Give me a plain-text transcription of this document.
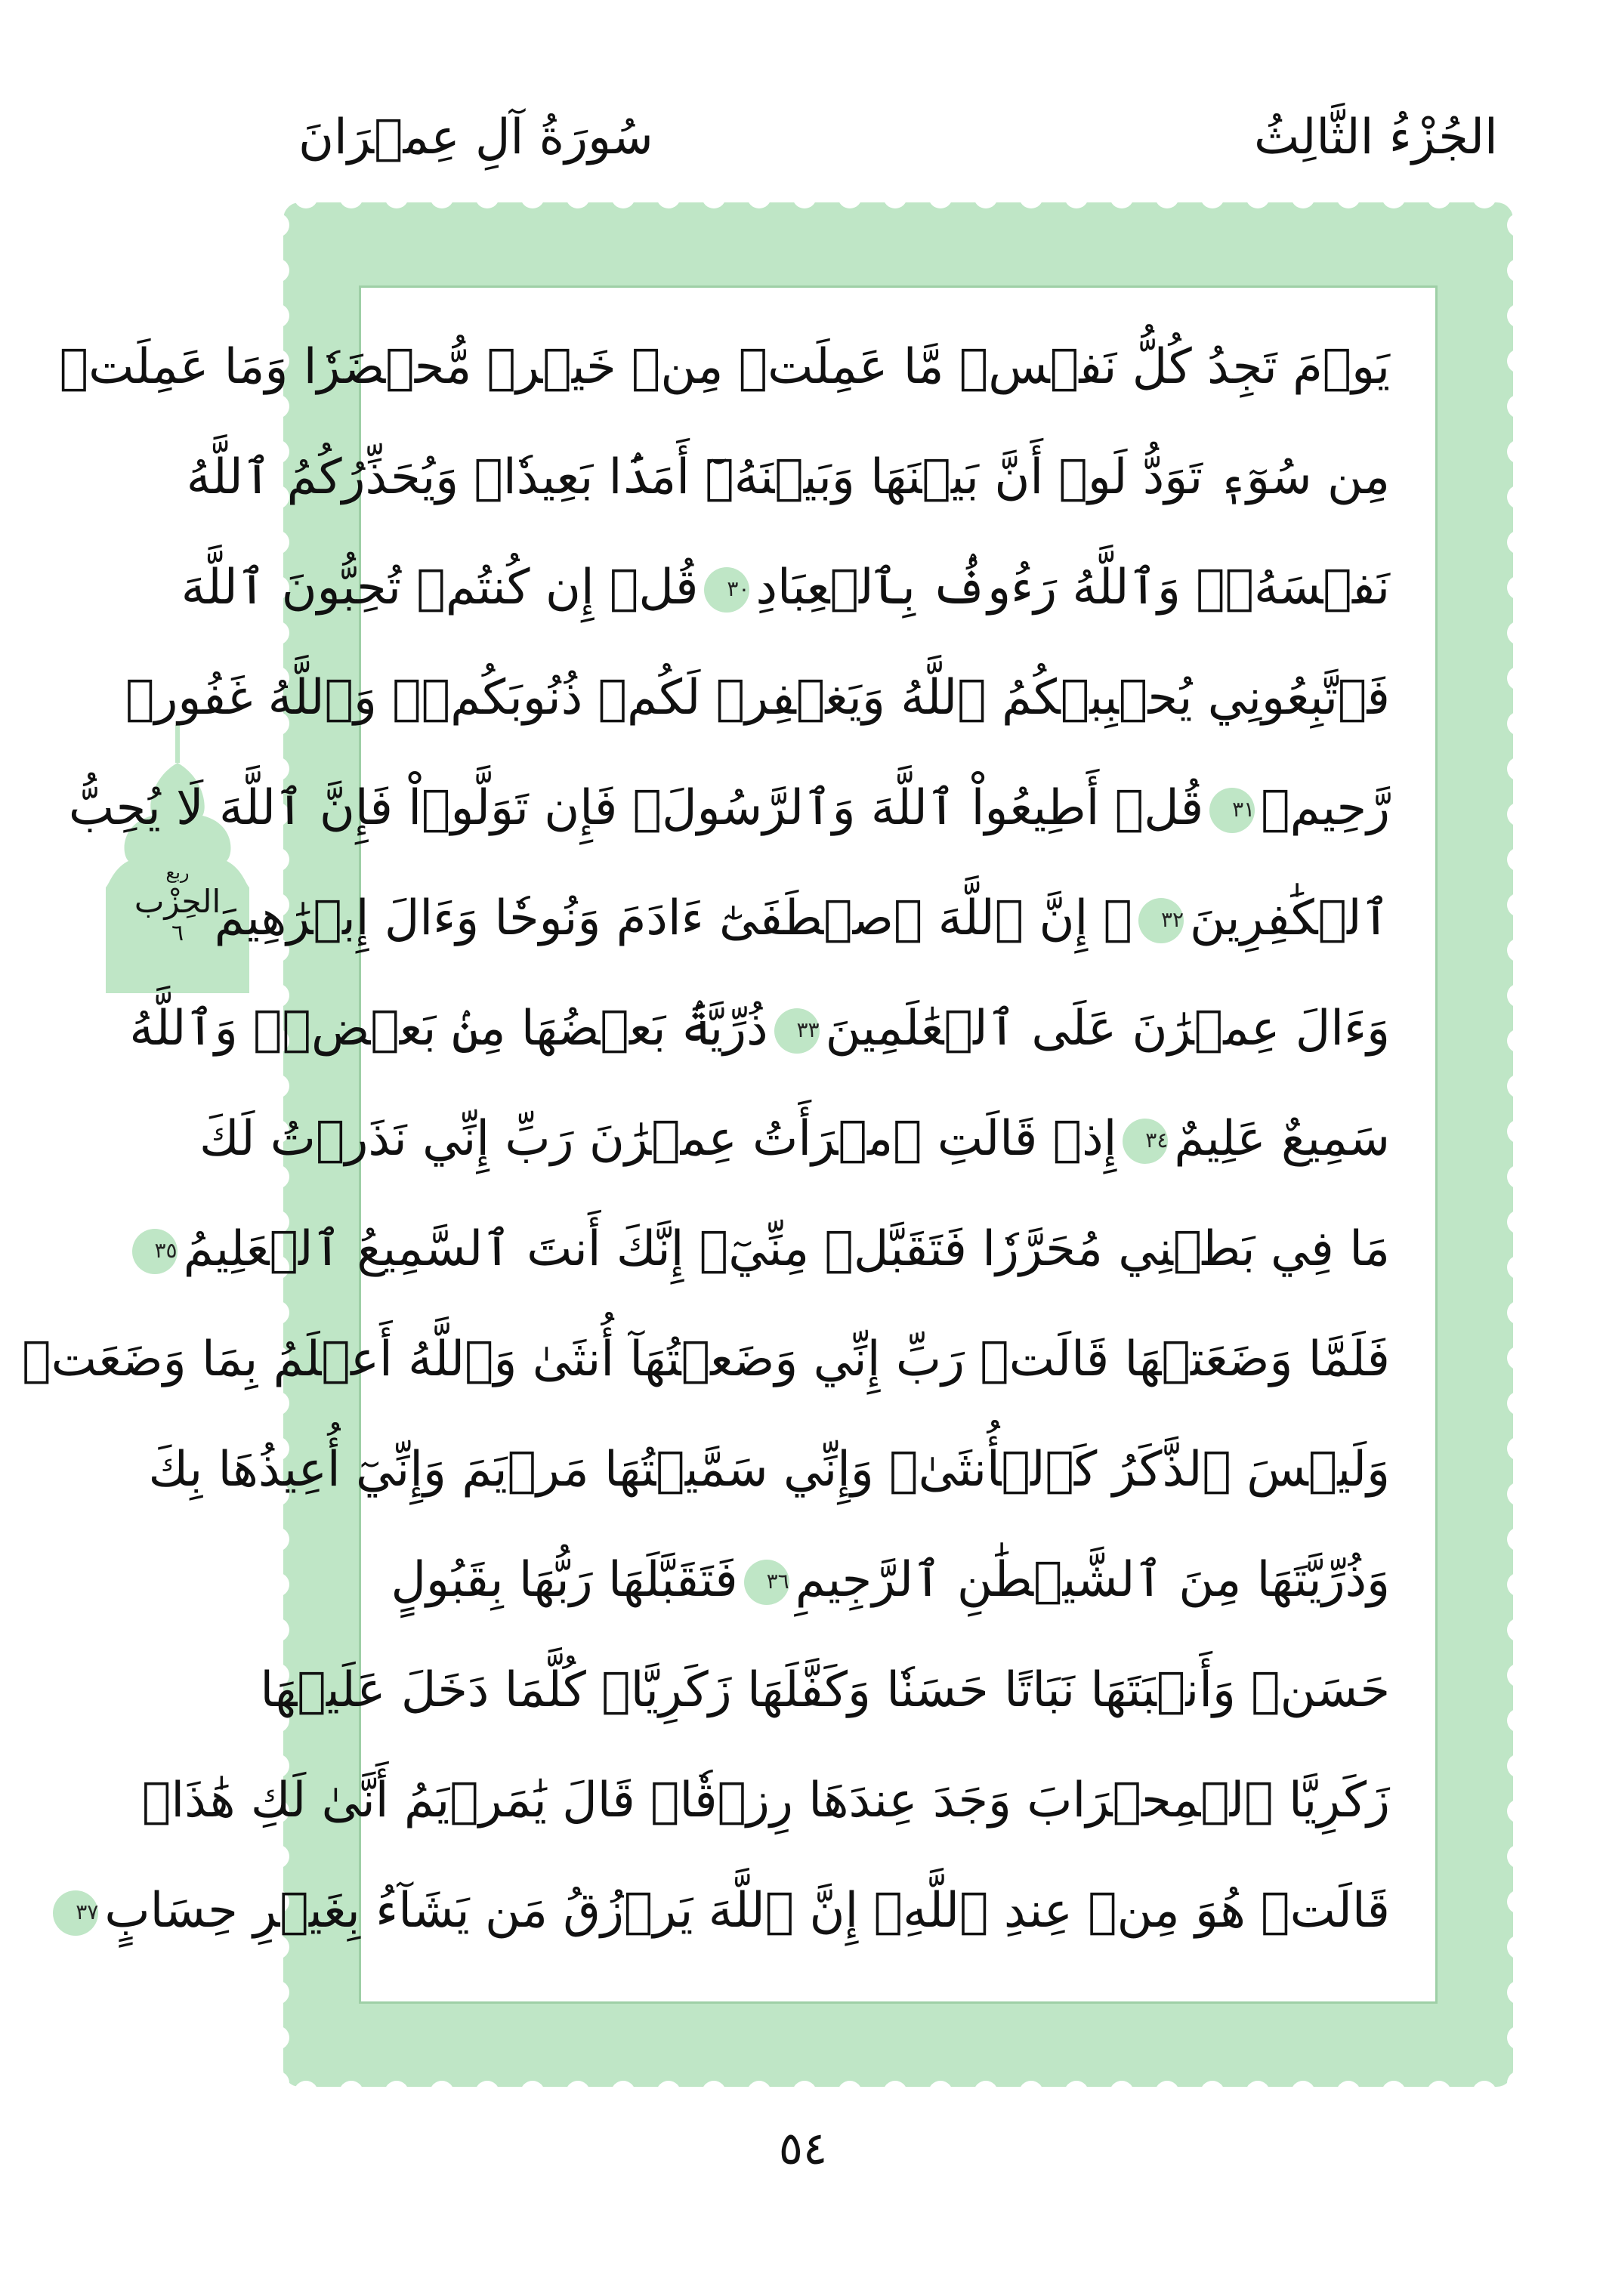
الجُزْءُ الثَّالِثُ
سُورَةُ آلِ عِمۡرَانَ
ربع
الحِزْب
٦
يَوۡمَ تَجِدُ كُلُّ نَفۡسٖ مَّا عَمِلَتۡ مِنۡ خَيۡرٖ مُّحۡضَرٗا وَمَا عَمِلَتۡ
مِن سُوٓءٖ تَوَدُّ لَوۡ أَنَّ بَيۡنَهَا وَبَيۡنَهُۥٓ أَمَدَۢا بَعِيدٗاۗ وَيُحَذِّرُكُمُ ٱللَّهُ
نَفۡسَهُۥۗ وَٱللَّهُ رَءُوفُۢ بِٱلۡعِبَادِ٣٠قُلۡ إِن كُنتُمۡ تُحِبُّونَ ٱللَّهَ
فَٱتَّبِعُونِي يُحۡبِبۡكُمُ ٱللَّهُ وَيَغۡفِرۡ لَكُمۡ ذُنُوبَكُمۡۚ وَٱللَّهُ غَفُورٞ
رَّحِيمٞ٣١قُلۡ أَطِيعُواْ ٱللَّهَ وَٱلرَّسُولَۖ فَإِن تَوَلَّوۡاْ فَإِنَّ ٱللَّهَ لَا يُحِبُّ
ٱلۡكَٰفِرِينَ٣٢۞ إِنَّ ٱللَّهَ ٱصۡطَفَىٰٓ ءَادَمَ وَنُوحٗا وَءَالَ إِبۡرَٰهِيمَ
وَءَالَ عِمۡرَٰنَ عَلَى ٱلۡعَٰلَمِينَ٣٣ذُرِّيَّةَۢ بَعۡضُهَا مِنۢ بَعۡضٖۗ وَٱللَّهُ
سَمِيعٌ عَلِيمٌ٣٤إِذۡ قَالَتِ ٱمۡرَأَتُ عِمۡرَٰنَ رَبِّ إِنِّي نَذَرۡتُ لَكَ
مَا فِي بَطۡنِي مُحَرَّرٗا فَتَقَبَّلۡ مِنِّيٓۖ إِنَّكَ أَنتَ ٱلسَّمِيعُ ٱلۡعَلِيمُ٣٥
فَلَمَّا وَضَعَتۡهَا قَالَتۡ رَبِّ إِنِّي وَضَعۡتُهَآ أُنثَىٰ وَٱللَّهُ أَعۡلَمُ بِمَا وَضَعَتۡ
وَلَيۡسَ ٱلذَّكَرُ كَٱلۡأُنثَىٰۖ وَإِنِّي سَمَّيۡتُهَا مَرۡيَمَ وَإِنِّيٓ أُعِيذُهَا بِكَ
وَذُرِّيَّتَهَا مِنَ ٱلشَّيۡطَٰنِ ٱلرَّجِيمِ٣٦فَتَقَبَّلَهَا رَبُّهَا بِقَبُولٍ
حَسَنٖ وَأَنۢبَتَهَا نَبَاتًا حَسَنٗا وَكَفَّلَهَا زَكَرِيَّاۖ كُلَّمَا دَخَلَ عَلَيۡهَا
زَكَرِيَّا ٱلۡمِحۡرَابَ وَجَدَ عِندَهَا رِزۡقٗاۖ قَالَ يَٰمَرۡيَمُ أَنَّىٰ لَكِ هَٰذَاۖ
قَالَتۡ هُوَ مِنۡ عِندِ ٱللَّهِۖ إِنَّ ٱللَّهَ يَرۡزُقُ مَن يَشَآءُ بِغَيۡرِ حِسَابٍ٣٧
٥٤
